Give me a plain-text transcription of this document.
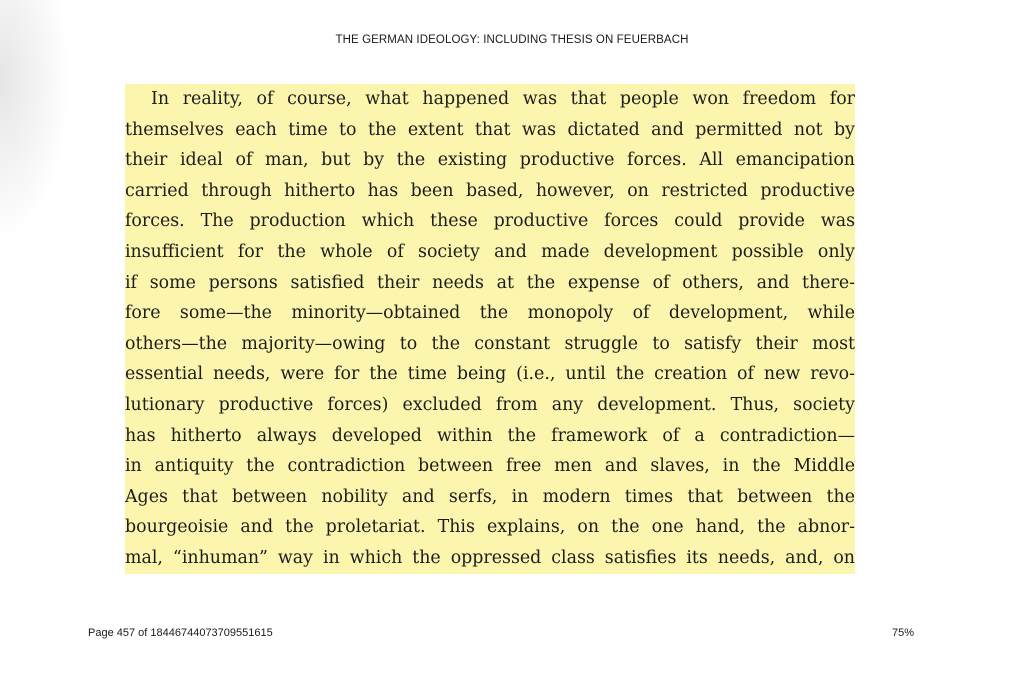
THE GERMAN IDEOLOGY: INCLUDING THESIS ON FEUERBACH
In reality, of course, what happened was that people won freedom for
themselves each time to the extent that was dictated and permitted not by
their ideal of man, but by the existing productive forces. All emancipation
carried through hitherto has been based, however, on restricted productive
forces. The production which these productive forces could provide was
insufficient for the whole of society and made development possible only
if some persons satisfied their needs at the expense of others, and there-
fore some—the minority—obtained the monopoly of development, while
others—the majority—owing to the constant struggle to satisfy their most
essential needs, were for the time being (i.e., until the creation of new revo-
lutionary productive forces) excluded from any development. Thus, society
has hitherto always developed within the framework of a contradiction—
in antiquity the contradiction between free men and slaves, in the Middle
Ages that between nobility and serfs, in modern times that between the
bourgeoisie and the proletariat. This explains, on the one hand, the abnor-
mal, “inhuman” way in which the oppressed class satisfies its needs, and, on
Page 457 of 18446744073709551615	75%
